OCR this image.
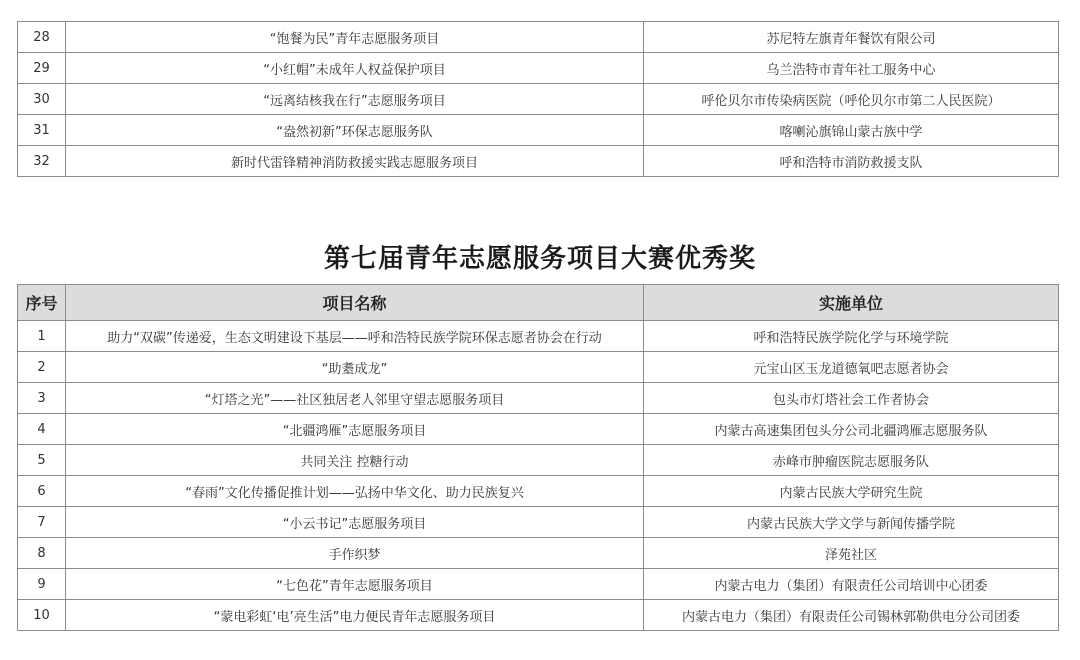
28	“饱餐为民”青年志愿服务项目	苏尼特左旗青年餐饮有限公司
29	“小红帽”未成年人权益保护项目	乌兰浩特市青年社工服务中心
30	“远离结核我在行”志愿服务项目	呼伦贝尔市传染病医院（呼伦贝尔市第二人民医院）
31	“盎然初新”环保志愿服务队	喀喇沁旗锦山蒙古族中学
32	新时代雷锋精神消防救援实践志愿服务项目	呼和浩特市消防救援支队
第七届青年志愿服务项目大赛优秀奖
序号	项目名称	实施单位
1	助力“双碳”传递爱，生态文明建设下基层——呼和浩特民族学院环保志愿者协会在行动	呼和浩特民族学院化学与环境学院
2	“助耋成龙”	元宝山区玉龙道德氧吧志愿者协会
3	“灯塔之光”——社区独居老人邻里守望志愿服务项目	包头市灯塔社会工作者协会
4	“北疆鸿雁”志愿服务项目	内蒙古高速集团包头分公司北疆鸿雁志愿服务队
5	共同关注 控糖行动	赤峰市肿瘤医院志愿服务队
6	“春雨”文化传播促推计划——弘扬中华文化、助力民族复兴	内蒙古民族大学研究生院
7	“小云书记”志愿服务项目	内蒙古民族大学文学与新闻传播学院
8	手作织梦	泽苑社区
9	“七色花”青年志愿服务项目	内蒙古电力（集团）有限责任公司培训中心团委
10	“蒙电彩虹‘电’亮生活”电力便民青年志愿服务项目	内蒙古电力（集团）有限责任公司锡林郭勒供电分公司团委
